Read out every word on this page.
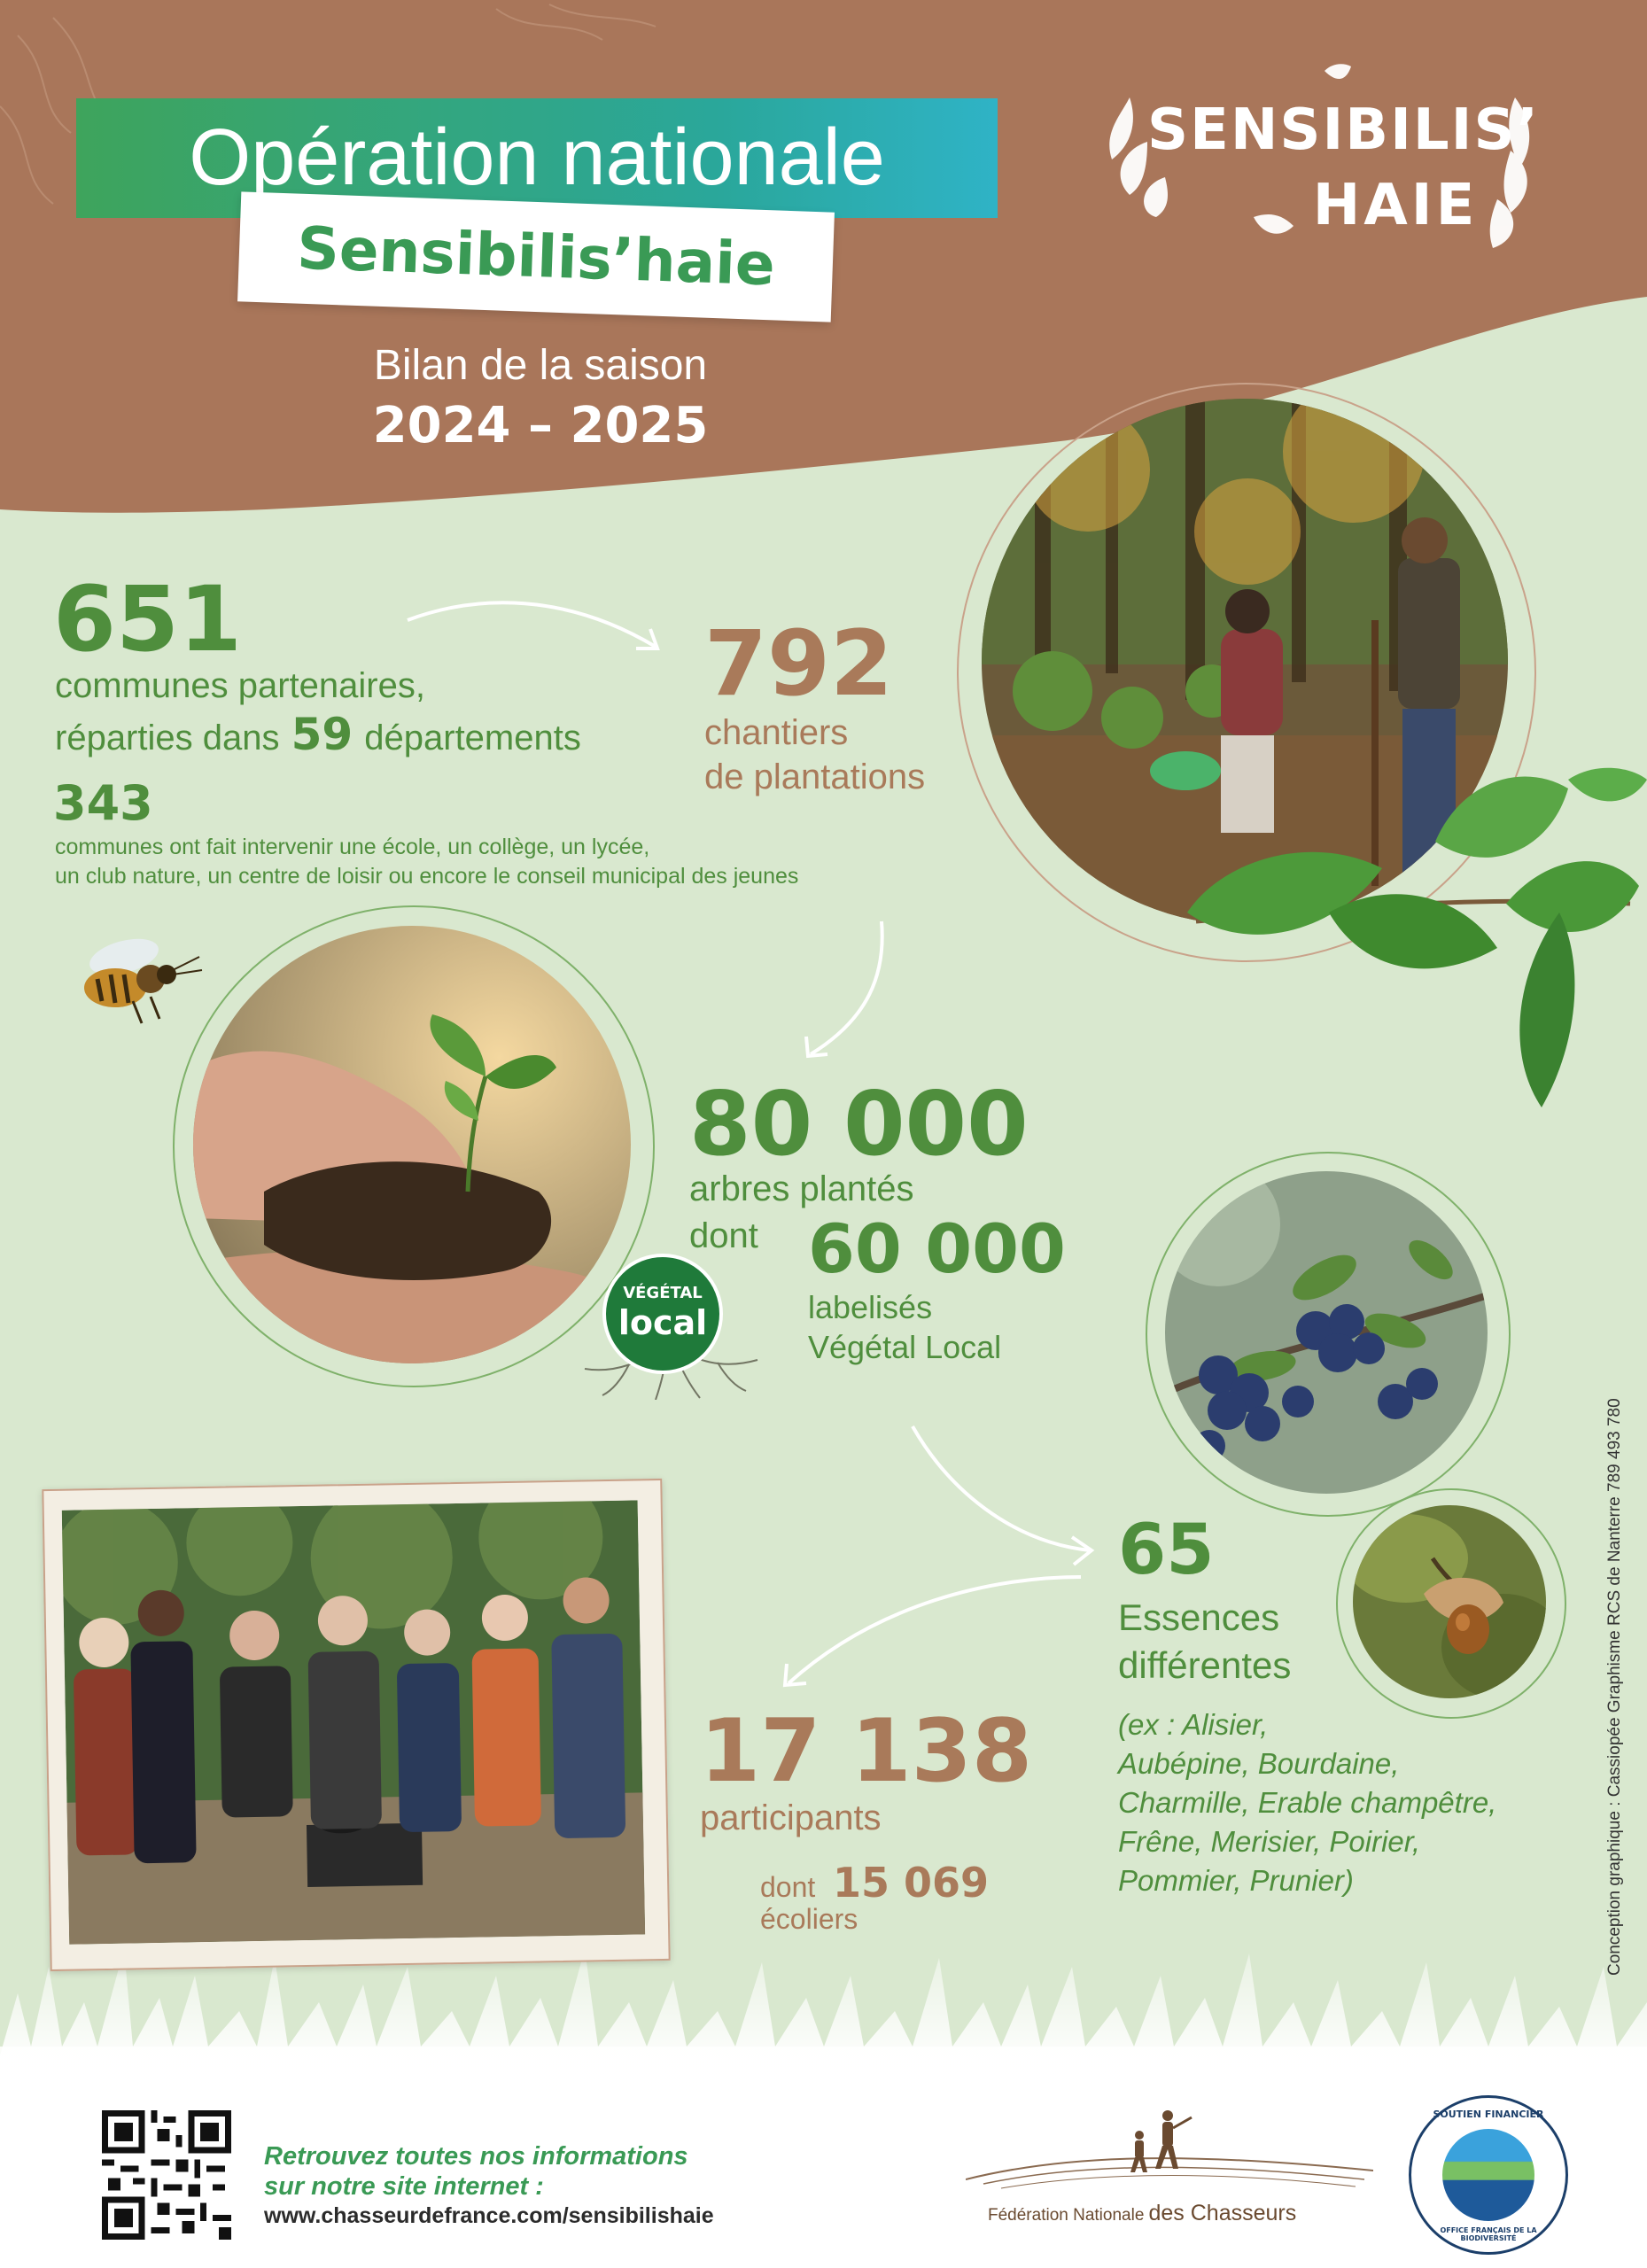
Opération nationale
Sensibilis’haie
Bilan de la saison
2024 – 2025
SENSIBILIS’
HAIE
VÉGÉTAL
local
651
communes partenaires,
réparties dans 59 départements
343
communes ont fait intervenir une école, un collège, un lycée,
un club nature, un centre de loisir ou encore le conseil municipal des jeunes
792
chantiers
de plantations
80 000
arbres plantés
dont 60 000
labelisés
Végétal Local
65
Essences
différentes
(ex : Alisier,
Aubépine, Bourdaine,
Charmille, Erable champêtre,
Frêne, Merisier, Poirier,
Pommier, Prunier)
17 138
participants
dont 15 069
écoliers	Conception graphique : Cassiopée Graphisme RCS de Nanterre 789 493 780
Retrouvez toutes nos informations
sur notre site internet :
www.chasseurdefrance.com/sensibilishaie	Fédération Nationale des Chasseurs
SOUTIEN FINANCIER
OFFICE FRANÇAIS DE LA BIODIVERSITÉ
